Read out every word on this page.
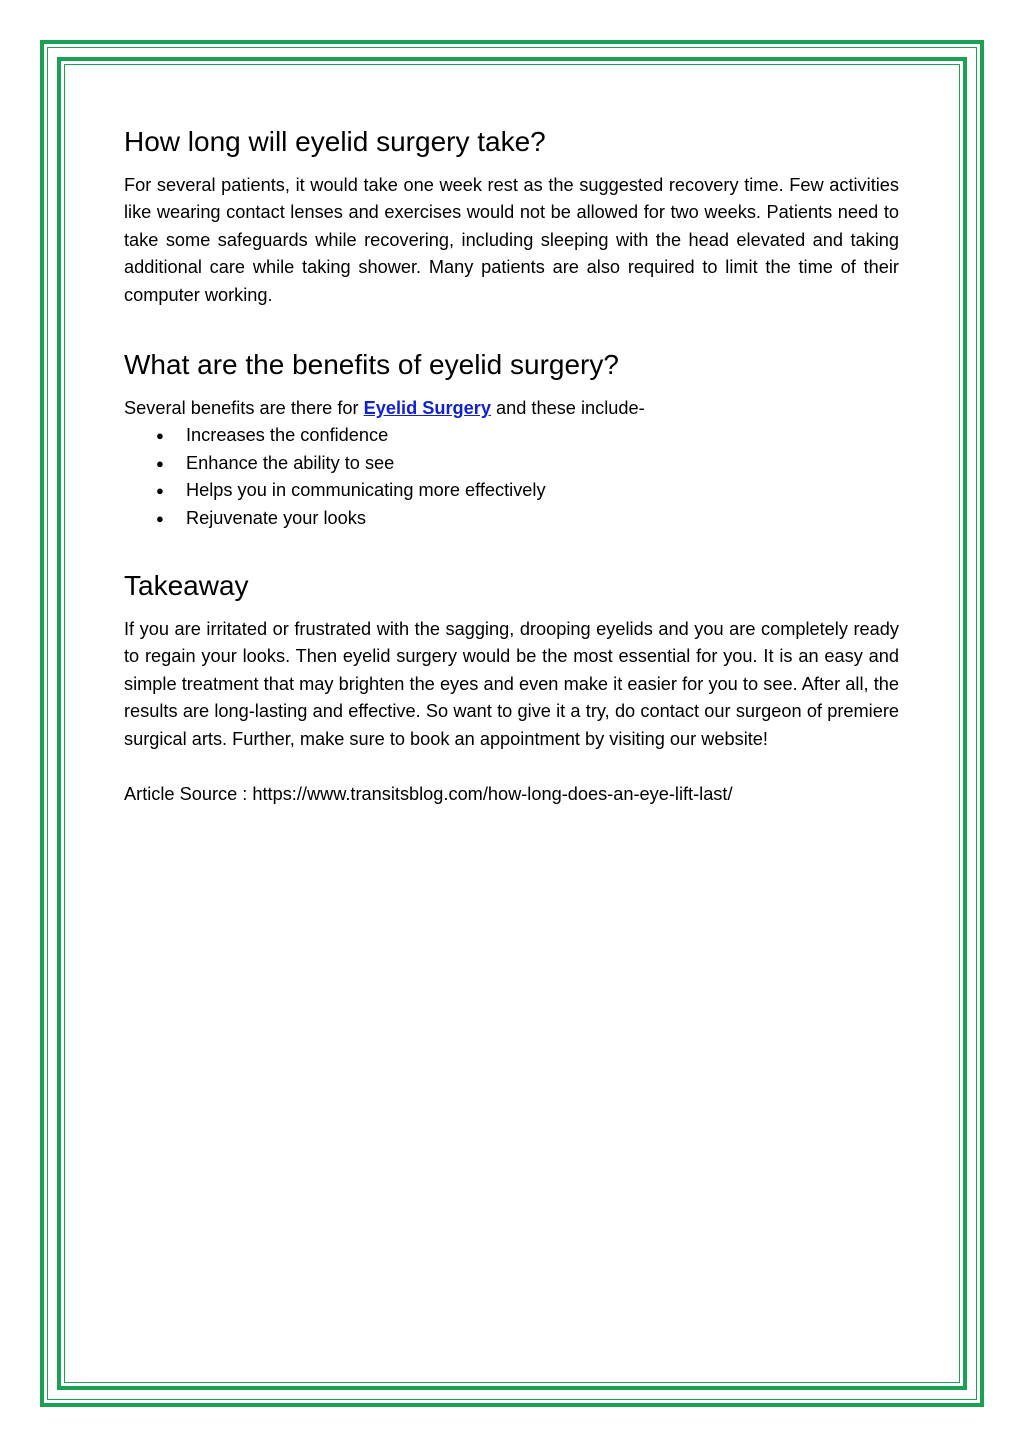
How long will eyelid surgery take?

For several patients, it would take one week rest as the suggested recovery time. Few activities like wearing contact lenses and exercises would not be allowed for two weeks. Patients need to take some safeguards while recovering, including sleeping with the head elevated and taking additional care while taking shower. Many patients are also required to limit the time of their computer working.

What are the benefits of eyelid surgery?

Several benefits are there for Eyelid Surgery and these include-

● Increases the confidence
● Enhance the ability to see
● Helps you in communicating more effectively
● Rejuvenate your looks
Takeaway

If you are irritated or frustrated with the sagging, drooping eyelids and you are completely ready to regain your looks. Then eyelid surgery would be the most essential for you. It is an easy and simple treatment that may brighten the eyes and even make it easier for you to see. After all, the results are long-lasting and effective. So want to give it a try, do contact our surgeon of premiere surgical arts. Further, make sure to book an appointment by visiting our website!

Article Source : https://www.transitsblog.com/how-long-does-an-eye-lift-last/
